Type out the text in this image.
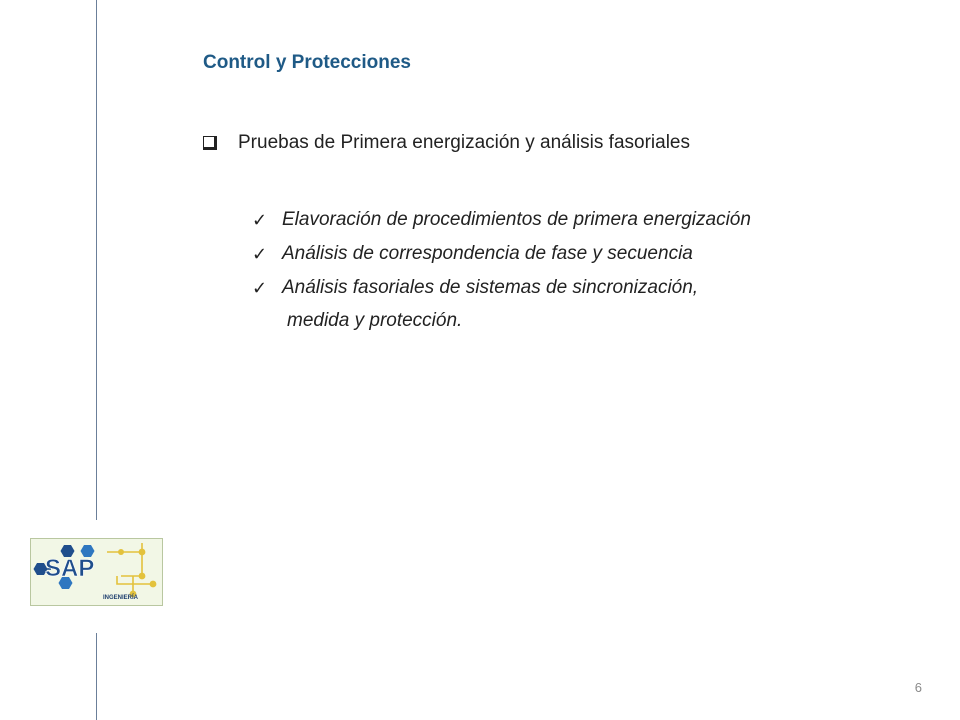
Control y Protecciones
Pruebas de Primera energización y análisis fasoriales
✓ Elavoración de procedimientos de primera energización
✓ Análisis de correspondencia de fase y secuencia
✓ Análisis fasoriales de sistemas de sincronización,

medida y protección.

SAP
INGENIERÍA
6
